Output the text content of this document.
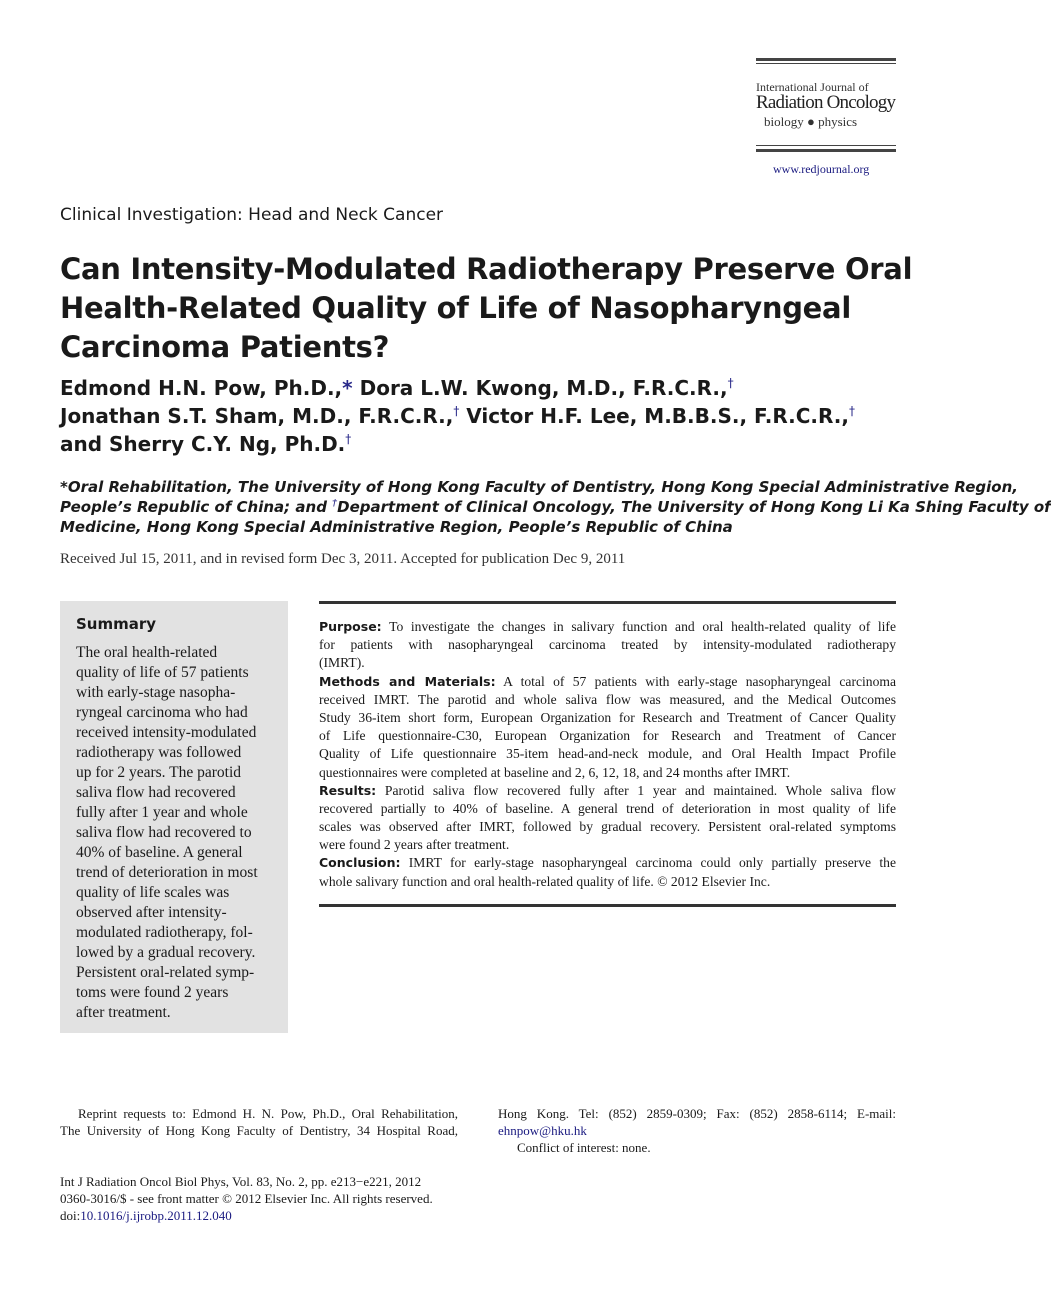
International Journal of
Radiation Oncology
biology ● physics
www.redjournal.org
Clinical Investigation: Head and Neck Cancer
Can Intensity-Modulated Radiotherapy Preserve Oral
Health-Related Quality of Life of Nasopharyngeal
Carcinoma Patients?
Edmond H.N. Pow, Ph.D.,* Dora L.W. Kwong, M.D., F.R.C.R.,†
Jonathan S.T. Sham, M.D., F.R.C.R.,† Victor H.F. Lee, M.B.B.S., F.R.C.R.,†
and Sherry C.Y. Ng, Ph.D.†
*Oral Rehabilitation, The University of Hong Kong Faculty of Dentistry, Hong Kong Special Administrative Region,
People’s Republic of China; and †Department of Clinical Oncology, The University of Hong Kong Li Ka Shing Faculty of
Medicine, Hong Kong Special Administrative Region, People’s Republic of China
Received Jul 15, 2011, and in revised form Dec 3, 2011. Accepted for publication Dec 9, 2011
Summary
The oral health-related
quality of life of 57 patients
with early-stage nasopha-
ryngeal carcinoma who had
received intensity-modulated
radiotherapy was followed
up for 2 years. The parotid
saliva flow had recovered
fully after 1 year and whole
saliva flow had recovered to
40% of baseline. A general
trend of deterioration in most
quality of life scales was
observed after intensity-
modulated radiotherapy, fol-
lowed by a gradual recovery.
Persistent oral-related symp-
toms were found 2 years
after treatment.
Purpose: To investigate the changes in salivary function and oral health-related quality of life
for patients with nasopharyngeal carcinoma treated by intensity-modulated radiotherapy
(IMRT).
Methods and Materials: A total of 57 patients with early-stage nasopharyngeal carcinoma
received IMRT. The parotid and whole saliva flow was measured, and the Medical Outcomes
Study 36-item short form, European Organization for Research and Treatment of Cancer Quality
of Life questionnaire-C30, European Organization for Research and Treatment of Cancer
Quality of Life questionnaire 35-item head-and-neck module, and Oral Health Impact Profile
questionnaires were completed at baseline and 2, 6, 12, 18, and 24 months after IMRT.
Results: Parotid saliva flow recovered fully after 1 year and maintained. Whole saliva flow
recovered partially to 40% of baseline. A general trend of deterioration in most quality of life
scales was observed after IMRT, followed by gradual recovery. Persistent oral-related symptoms
were found 2 years after treatment.
Conclusion: IMRT for early-stage nasopharyngeal carcinoma could only partially preserve the
whole salivary function and oral health-related quality of life. © 2012 Elsevier Inc.
Reprint requests to: Edmond H. N. Pow, Ph.D., Oral Rehabilitation,
The University of Hong Kong Faculty of Dentistry, 34 Hospital Road,
Hong Kong. Tel: (852) 2859-0309; Fax: (852) 2858-6114; E-mail:
ehnpow@hku.hk
Conflict of interest: none.
Int J Radiation Oncol Biol Phys, Vol. 83, No. 2, pp. e213−e221, 2012
0360-3016/$ - see front matter © 2012 Elsevier Inc. All rights reserved.
doi:10.1016/j.ijrobp.2011.12.040
